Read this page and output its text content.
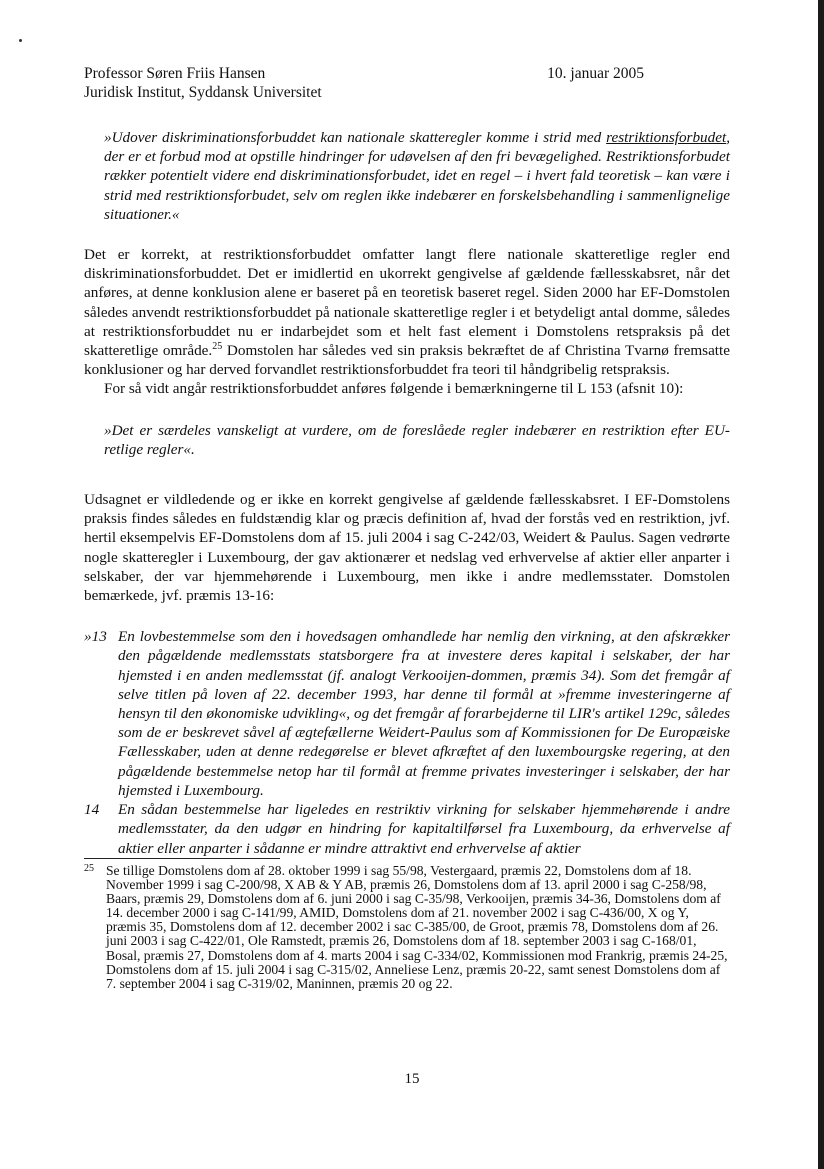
Professor Søren Friis Hansen
Juridisk Institut, Syddansk Universitet
10. januar 2005

»Udover diskriminationsforbuddet kan nationale skatteregler komme i strid med restriktionsforbudet, der er et forbud mod at opstille hindringer for udøvelsen af den fri bevægelighed. Restriktionsforbudet rækker potentielt videre end diskriminationsforbudet, idet en regel – i hvert fald teoretisk – kan være i strid med restriktionsforbudet, selv om reglen ikke indebærer en forskelsbehandling i sammenlignelige situationer.«

Det er korrekt, at restriktionsforbuddet omfatter langt flere nationale skatteretlige regler end diskriminationsforbuddet. Det er imidlertid en ukorrekt gengivelse af gældende fællesskabsret, når det anføres, at denne konklusion alene er baseret på en teoretisk baseret regel. Siden 2000 har EF-Domstolen således anvendt restriktionsforbuddet på nationale skatteretlige regler i et betydeligt antal domme, således at restriktionsforbuddet nu er indarbejdet som et helt fast element i Domstolens retspraksis på det skatteretlige område.$^{25}$ Domstolen har således ved sin praksis bekræftet de af Christina Tvarnø fremsatte konklusioner og har derved forvandlet restriktionsforbuddet fra teori til håndgribelig retspraksis.

For så vidt angår restriktionsforbuddet anføres følgende i bemærkningerne til L 153 (afsnit 10):

»Det er særdeles vanskeligt at vurdere, om de foreslåede regler indebærer en restriktion efter EU-retlige regler«.

Udsagnet er vildledende og er ikke en korrekt gengivelse af gældende fællesskabsret. I EF-Domstolens praksis findes således en fuldstændig klar og præcis definition af, hvad der forstås ved en restriktion, jvf. hertil eksempelvis EF-Domstolens dom af 15. juli 2004 i sag C-242/03, Weidert & Paulus. Sagen vedrørte nogle skatteregler i Luxembourg, der gav aktionærer et nedslag ved erhvervelse af aktier eller anparter i selskaber, der var hjemmehørende i Luxembourg, men ikke i andre medlemsstater. Domstolen bemærkede, jvf. præmis 13-16:

»13 En lovbestemmelse som den i hovedsagen omhandlede har nemlig den virkning, at den afskrækker den pågældende medlemsstats statsborgere fra at investere deres kapital i selskaber, der har hjemsted i en anden medlemsstat (jf. analogt Verkooijen-dommen, præmis 34). Som det fremgår af selve titlen på loven af 22. december 1993, har denne til formål at »fremme investeringerne af hensyn til den økonomiske udvikling«, og det fremgår af forarbejderne til LIR's artikel 129c, således som de er beskrevet såvel af ægtefællerne Weidert-Paulus som af Kommissionen for De Europæiske Fællesskaber, uden at denne redegørelse er blevet afkræftet af den luxembourgske regering, at den pågældende bestemmelse netop har til formål at fremme privates investeringer i selskaber, der har hjemsted i Luxembourg.
14	En sådan bestemmelse har ligeledes en restriktiv virkning for selskaber hjemmehørende i andre medlemsstater, da den udgør en hindring for kapitaltilførsel fra Luxembourg, da erhvervelse af aktier eller anparter i sådanne er mindre attraktivt end erhvervelse af aktier
25 Se tillige Domstolens dom af 28. oktober 1999 i sag 55/98, Vestergaard, præmis 22, Domstolens dom af 18. November 1999 i sag C-200/98, X AB & Y AB, præmis 26, Domstolens dom af 13. april 2000 i sag C-258/98, Baars, præmis 29, Domstolens dom af 6. juni 2000 i sag C-35/98, Verkooijen, præmis 34-36, Domstolens dom af 14. december 2000 i sag C-141/99, AMID, Domstolens dom af 21. november 2002 i sag C-436/00, X og Y, præmis 35, Domstolens dom af 12. december 2002 i sac C-385/00, de Groot, præmis 78, Domstolens dom af 26. juni 2003 i sag C-422/01, Ole Ramstedt, præmis 26, Domstolens dom af 18. september 2003 i sag C-168/01, Bosal, præmis 27, Domstolens dom af 4. marts 2004 i sag C-334/02, Kommissionen mod Frankrig, præmis 24-25, Domstolens dom af 15. juli 2004 i sag C-315/02, Anneliese Lenz, præmis 20-22, samt senest Domstolens dom af 7. september 2004 i sag C-319/02, Maninnen, præmis 20 og 22.
15
